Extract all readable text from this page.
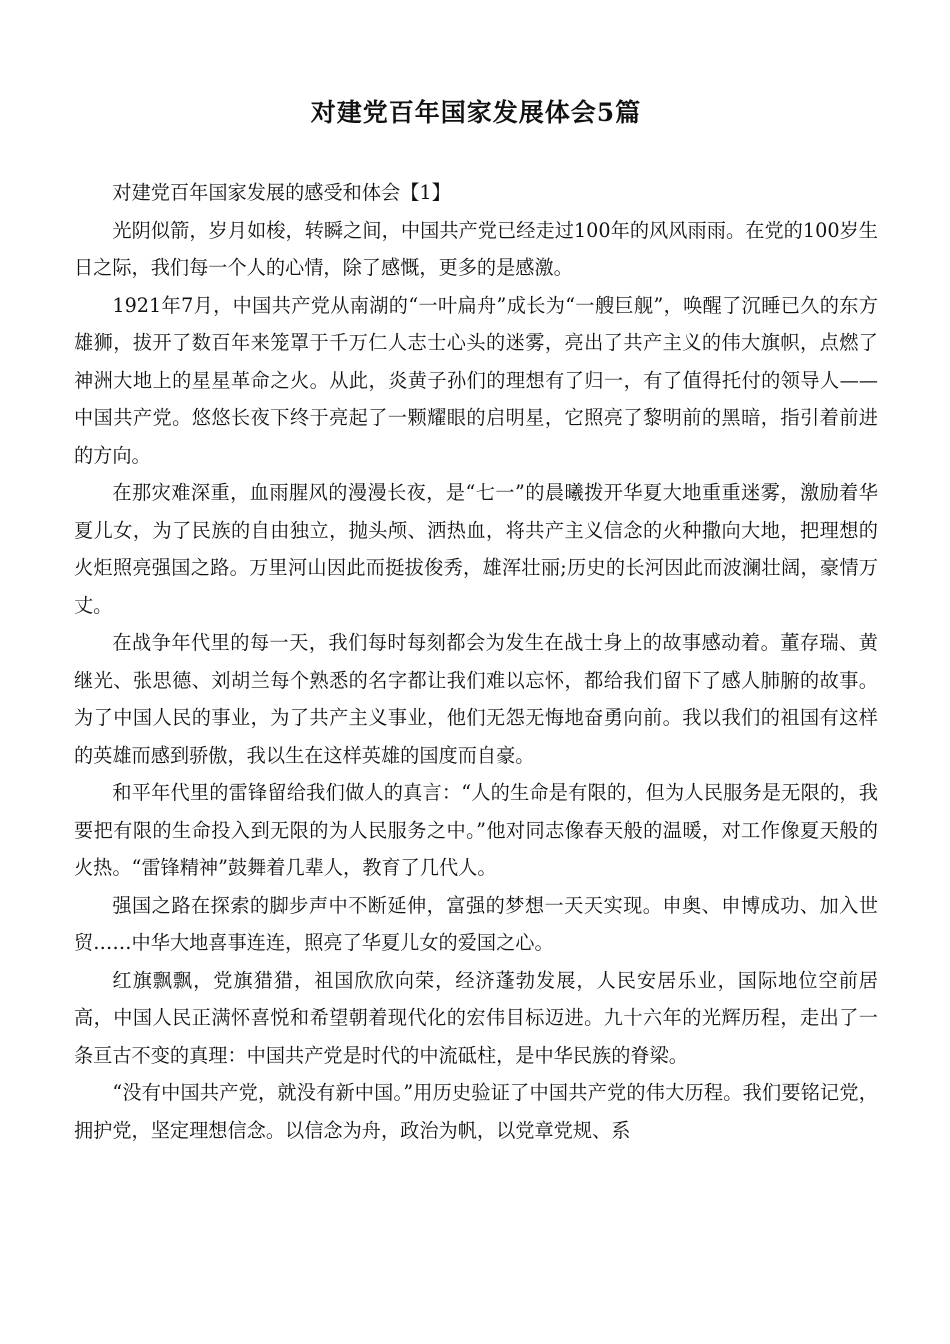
对建党百年国家发展体会5篇

对建党百年国家发展的感受和体会【1】

光阴似箭，岁月如梭，转瞬之间，中国共产党已经走过100年的风风雨雨。在党的100岁生日之际，我们每一个人的心情，除了感慨，更多的是感激。

1921年7月，中国共产党从南湖的“一叶扁舟”成长为“一艘巨舰”，唤醒了沉睡已久的东方雄狮，拔开了数百年来笼罩于千万仁人志士心头的迷雾，亮出了共产主义的伟大旗帜，点燃了神洲大地上的星星革命之火。从此，炎黄子孙们的理想有了归一，有了值得托付的领导人——中国共产党。悠悠长夜下终于亮起了一颗耀眼的启明星，它照亮了黎明前的黑暗，指引着前进的方向。

在那灾难深重，血雨腥风的漫漫长夜，是“七一”的晨曦拨开华夏大地重重迷雾，激励着华夏儿女，为了民族的自由独立，抛头颅、洒热血，将共产主义信念的火种撒向大地，把理想的火炬照亮强国之路。万里河山因此而挺拔俊秀，雄浑壮丽;历史的长河因此而波澜壮阔，豪情万丈。

在战争年代里的每一天，我们每时每刻都会为发生在战士身上的故事感动着。董存瑞、黄继光、张思德、刘胡兰每个熟悉的名字都让我们难以忘怀，都给我们留下了感人肺腑的故事。为了中国人民的事业，为了共产主义事业，他们无怨无悔地奋勇向前。我以我们的祖国有这样的英雄而感到骄傲，我以生在这样英雄的国度而自豪。

和平年代里的雷锋留给我们做人的真言：“人的生命是有限的，但为人民服务是无限的，我要把有限的生命投入到无限的为人民服务之中。”他对同志像春天般的温暖，对工作像夏天般的火热。“雷锋精神”鼓舞着几辈人，教育了几代人。

强国之路在探索的脚步声中不断延伸，富强的梦想一天天实现。申奥、申博成功、加入世贸……中华大地喜事连连，照亮了华夏儿女的爱国之心。

红旗飘飘，党旗猎猎，祖国欣欣向荣，经济蓬勃发展，人民安居乐业，国际地位空前居高，中国人民正满怀喜悦和希望朝着现代化的宏伟目标迈进。九十六年的光辉历程，走出了一条亘古不变的真理：中国共产党是时代的中流砥柱，是中华民族的脊梁。

“没有中国共产党，就没有新中国。”用历史验证了中国共产党的伟大历程。我们要铭记党，拥护党，坚定理想信念。以信念为舟，政治为帆，以党章党规、系
